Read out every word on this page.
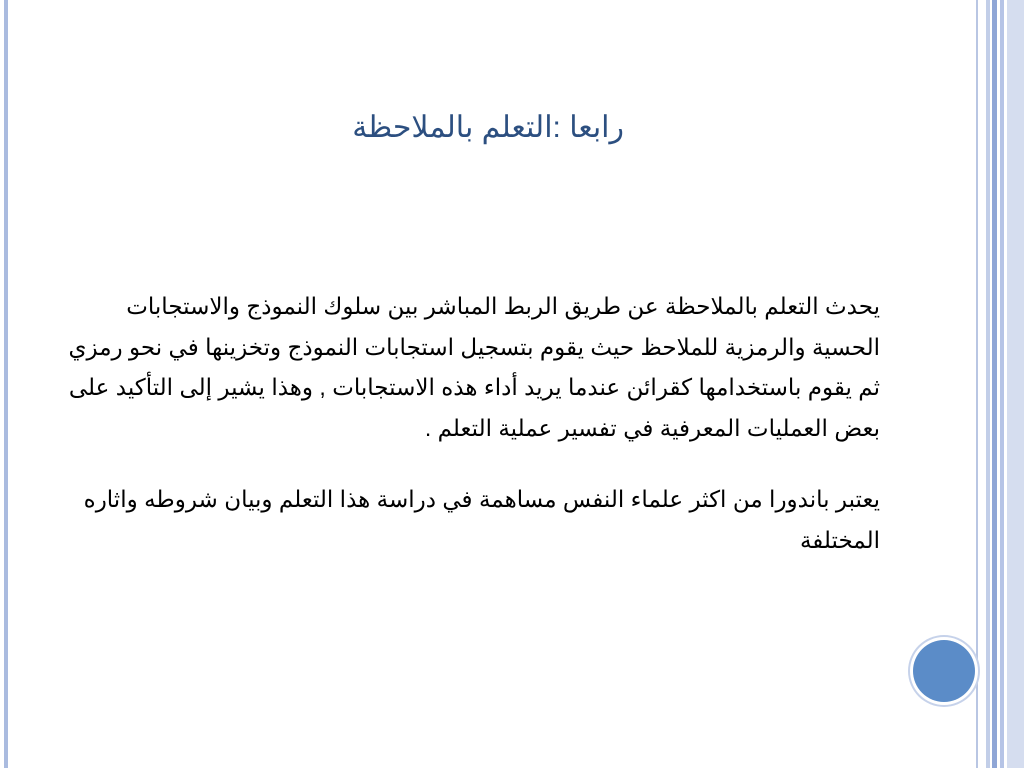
رابعا :التعلم بالملاحظة

يحدث التعلم بالملاحظة عن طريق الربط المباشر بين سلوك النموذج والاستجابات الحسية والرمزية للملاحظ حيث يقوم بتسجيل استجابات النموذج وتخزينها في نحو رمزي ثم يقوم باستخدامها كقرائن عندما يريد أداء هذه الاستجابات , وهذا يشير إلى التأكيد على بعض العمليات المعرفية في تفسير عملية التعلم .

يعتبر باندورا من اكثر علماء النفس مساهمة في دراسة هذا التعلم وبيان شروطه واثاره المختلفة
